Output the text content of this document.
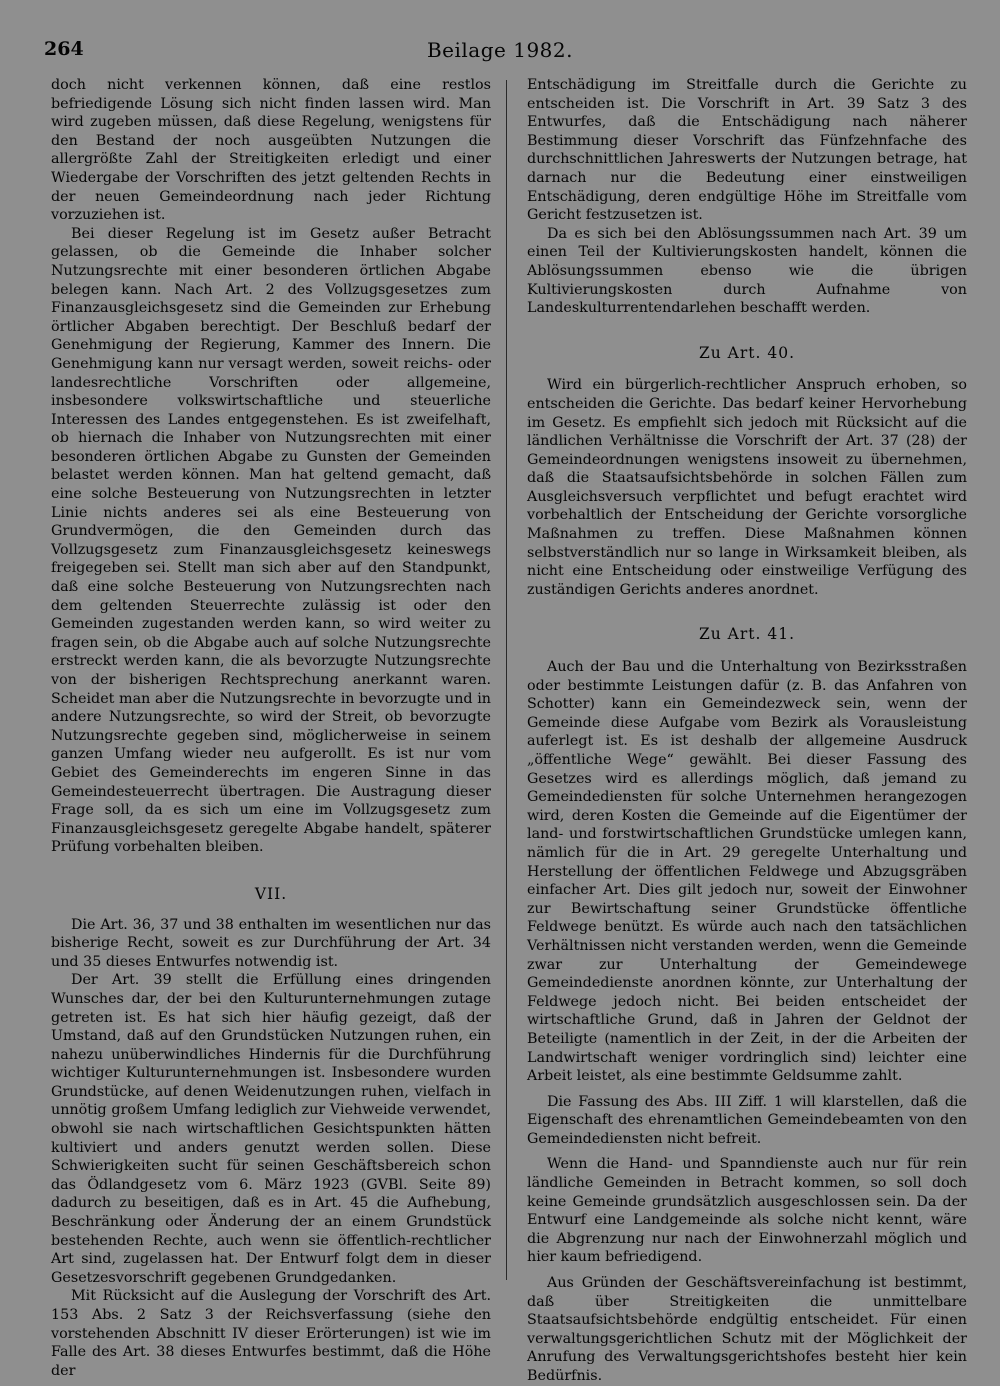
264	Beilage 1982.

doch nicht verkennen können, daß eine restlos befriedigende Lösung sich nicht finden lassen wird. Man wird zugeben müssen, daß diese Regelung, wenigstens für den Bestand der noch ausgeübten Nutzungen die allergrößte Zahl der Streitigkeiten erledigt und einer Wiedergabe der Vorschriften des jetzt geltenden Rechts in der neuen Gemeindeordnung nach jeder Richtung vorzuziehen ist.

Bei dieser Regelung ist im Gesetz außer Betracht gelassen, ob die Gemeinde die Inhaber solcher Nutzungsrechte mit einer besonderen örtlichen Abgabe belegen kann. Nach Art. 2 des Vollzugsgesetzes zum Finanzausgleichsgesetz sind die Gemeinden zur Erhebung örtlicher Abgaben berechtigt. Der Beschluß bedarf der Genehmigung der Regierung, Kammer des Innern. Die Genehmigung kann nur versagt werden, soweit reichs- oder landesrechtliche Vorschriften oder allgemeine, insbesondere volkswirtschaftliche und steuerliche Interessen des Landes entgegenstehen. Es ist zweifelhaft, ob hiernach die Inhaber von Nutzungsrechten mit einer besonderen örtlichen Abgabe zu Gunsten der Gemeinden belastet werden können. Man hat geltend gemacht, daß eine solche Besteuerung von Nutzungsrechten in letzter Linie nichts anderes sei als eine Besteuerung von Grundvermögen, die den Gemeinden durch das Vollzugsgesetz zum Finanzausgleichsgesetz keineswegs freigegeben sei. Stellt man sich aber auf den Standpunkt, daß eine solche Besteuerung von Nutzungsrechten nach dem geltenden Steuerrechte zulässig ist oder den Gemeinden zugestanden werden kann, so wird weiter zu fragen sein, ob die Abgabe auch auf solche Nutzungsrechte erstreckt werden kann, die als bevorzugte Nutzungsrechte von der bisherigen Rechtsprechung anerkannt waren. Scheidet man aber die Nutzungsrechte in bevorzugte und in andere Nutzungsrechte, so wird der Streit, ob bevorzugte Nutzungsrechte gegeben sind, möglicherweise in seinem ganzen Umfang wieder neu aufgerollt. Es ist nur vom Gebiet des Gemeinderechts im engeren Sinne in das Gemeindesteuerrecht übertragen. Die Austragung dieser Frage soll, da es sich um eine im Vollzugsgesetz zum Finanzausgleichsgesetz geregelte Abgabe handelt, späterer Prüfung vorbehalten bleiben.

VII.

Die Art. 36, 37 und 38 enthalten im wesentlichen nur das bisherige Recht, soweit es zur Durchführung der Art. 34 und 35 dieses Entwurfes notwendig ist.

Der Art. 39 stellt die Erfüllung eines dringenden Wunsches dar, der bei den Kulturunternehmungen zutage getreten ist. Es hat sich hier häufig gezeigt, daß der Umstand, daß auf den Grundstücken Nutzungen ruhen, ein nahezu unüberwindliches Hindernis für die Durchführung wichtiger Kulturunternehmungen ist. Insbesondere wurden Grundstücke, auf denen Weidenutzungen ruhen, vielfach in unnötig großem Umfang lediglich zur Viehweide verwendet, obwohl sie nach wirtschaftlichen Gesichtspunkten hätten kultiviert und anders genutzt werden sollen. Diese Schwierigkeiten sucht für seinen Geschäftsbereich schon das Ödlandgesetz vom 6. März 1923 (GVBl. Seite 89) dadurch zu beseitigen, daß es in Art. 45 die Aufhebung, Beschränkung oder Änderung der an einem Grundstück bestehenden Rechte, auch wenn sie öffentlich-rechtlicher Art sind, zugelassen hat. Der Entwurf folgt dem in dieser Gesetzesvorschrift gegebenen Grundgedanken.

Mit Rücksicht auf die Auslegung der Vorschrift des Art. 153 Abs. 2 Satz 3 der Reichsverfassung (siehe den vorstehenden Abschnitt IV dieser Erörterungen) ist wie im Falle des Art. 38 dieses Entwurfes bestimmt, daß die Höhe der

Entschädigung im Streitfalle durch die Gerichte zu entscheiden ist. Die Vorschrift in Art. 39 Satz 3 des Entwurfes, daß die Entschädigung nach näherer Bestimmung dieser Vorschrift das Fünfzehnfache des durchschnittlichen Jahreswerts der Nutzungen betrage, hat darnach nur die Bedeutung einer einstweiligen Entschädigung, deren endgültige Höhe im Streitfalle vom Gericht festzusetzen ist.

Da es sich bei den Ablösungssummen nach Art. 39 um einen Teil der Kultivierungskosten handelt, können die Ablösungssummen ebenso wie die übrigen Kultivierungskosten durch Aufnahme von Landeskulturrentendarlehen beschafft werden.

Zu Art. 40.

Wird ein bürgerlich-rechtlicher Anspruch erhoben, so entscheiden die Gerichte. Das bedarf keiner Hervorhebung im Gesetz. Es empfiehlt sich jedoch mit Rücksicht auf die ländlichen Verhältnisse die Vorschrift der Art. 37 (28) der Gemeindeordnungen wenigstens insoweit zu übernehmen, daß die Staatsaufsichtsbehörde in solchen Fällen zum Ausgleichsversuch verpflichtet und befugt erachtet wird vorbehaltlich der Entscheidung der Gerichte vorsorgliche Maßnahmen zu treffen. Diese Maßnahmen können selbstverständlich nur so lange in Wirksamkeit bleiben, als nicht eine Entscheidung oder einstweilige Verfügung des zuständigen Gerichts anderes anordnet.

Zu Art. 41.

Auch der Bau und die Unterhaltung von Bezirksstraßen oder bestimmte Leistungen dafür (z. B. das Anfahren von Schotter) kann ein Gemeindezweck sein, wenn der Gemeinde diese Aufgabe vom Bezirk als Vorausleistung auferlegt ist. Es ist deshalb der allgemeine Ausdruck „öffentliche Wege“ gewählt. Bei dieser Fassung des Gesetzes wird es allerdings möglich, daß jemand zu Gemeindediensten für solche Unternehmen herangezogen wird, deren Kosten die Gemeinde auf die Eigentümer der land- und forstwirtschaftlichen Grundstücke umlegen kann, nämlich für die in Art. 29 geregelte Unterhaltung und Herstellung der öffentlichen Feldwege und Abzugsgräben einfacher Art. Dies gilt jedoch nur, soweit der Einwohner zur Bewirtschaftung seiner Grundstücke öffentliche Feldwege benützt. Es würde auch nach den tatsächlichen Verhältnissen nicht verstanden werden, wenn die Gemeinde zwar zur Unterhaltung der Gemeindewege Gemeindedienste anordnen könnte, zur Unterhaltung der Feldwege jedoch nicht. Bei beiden entscheidet der wirtschaftliche Grund, daß in Jahren der Geldnot der Beteiligte (namentlich in der Zeit, in der die Arbeiten der Landwirtschaft weniger vordringlich sind) leichter eine Arbeit leistet, als eine bestimmte Geldsumme zahlt.

Die Fassung des Abs. III Ziff. 1 will klarstellen, daß die Eigenschaft des ehrenamtlichen Gemeindebeamten von den Gemeindediensten nicht befreit.

Wenn die Hand- und Spanndienste auch nur für rein ländliche Gemeinden in Betracht kommen, so soll doch keine Gemeinde grundsätzlich ausgeschlossen sein. Da der Entwurf eine Landgemeinde als solche nicht kennt, wäre die Abgrenzung nur nach der Einwohnerzahl möglich und hier kaum befriedigend.

Aus Gründen der Geschäftsvereinfachung ist bestimmt, daß über Streitigkeiten die unmittelbare Staatsaufsichtsbehörde endgültig entscheidet. Für einen verwaltungsgerichtlichen Schutz mit der Möglichkeit der Anrufung des Verwaltungsgerichtshofes besteht hier kein Bedürfnis.
